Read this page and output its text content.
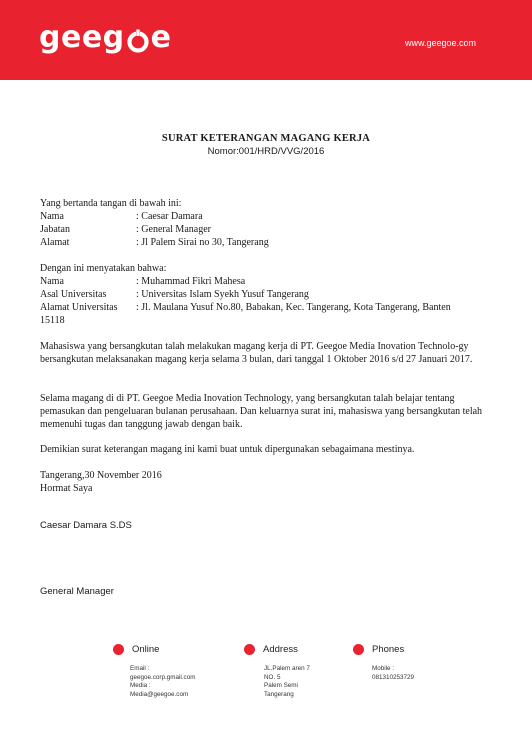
geeg e	www.geegoe.com
SURAT KETERANGAN MAGANG KERJA
Nomor:001/HRD/VVG/2016
Yang bertanda tangan di bawah ini:
Nama	: Caesar Damara
Jabatan	: General Manager
Alamat	: Jl Palem Sirai no 30, Tangerang
Dengan ini menyatakan bahwa:
Nama	: Muhammad Fikri Mahesa
Asal Universitas	: Universitas Islam Syekh Yusuf Tangerang
Alamat Universitas	: Jl. Maulana Yusuf No.80, Babakan, Kec. Tangerang, Kota Tangerang, Banten
15118
Mahasiswa yang bersangkutan talah melakukan magang kerja di PT. Geegoe Media Inovation Technolo-gy bersangkutan melaksanakan magang kerja selama 3 bulan, dari tanggal 1 Oktober 2016 s/d 27 Januari 2017.
Selama magang di di PT. Geegoe Media Inovation Technology, yang bersangkutan talah belajar tentang pemasukan dan pengeluaran bulanan perusahaan. Dan keluarnya surat ini, mahasiswa yang bersangkutan telah memenuhi tugas dan tanggung jawab dengan baik.
Demikian surat keterangan magang ini kami buat untuk dipergunakan sebagaimana mestinya.
Tangerang,30 November 2016
Hormat Saya
Caesar Damara S.DS
General Manager
Online
Email :
geegoe.corp.gmail.com
Media :
Media@geegoe.com
Address
JL.Palem aren 7
NO. 5
Palem Semi
Tangerang
Phones
Mobile :
081310253729
